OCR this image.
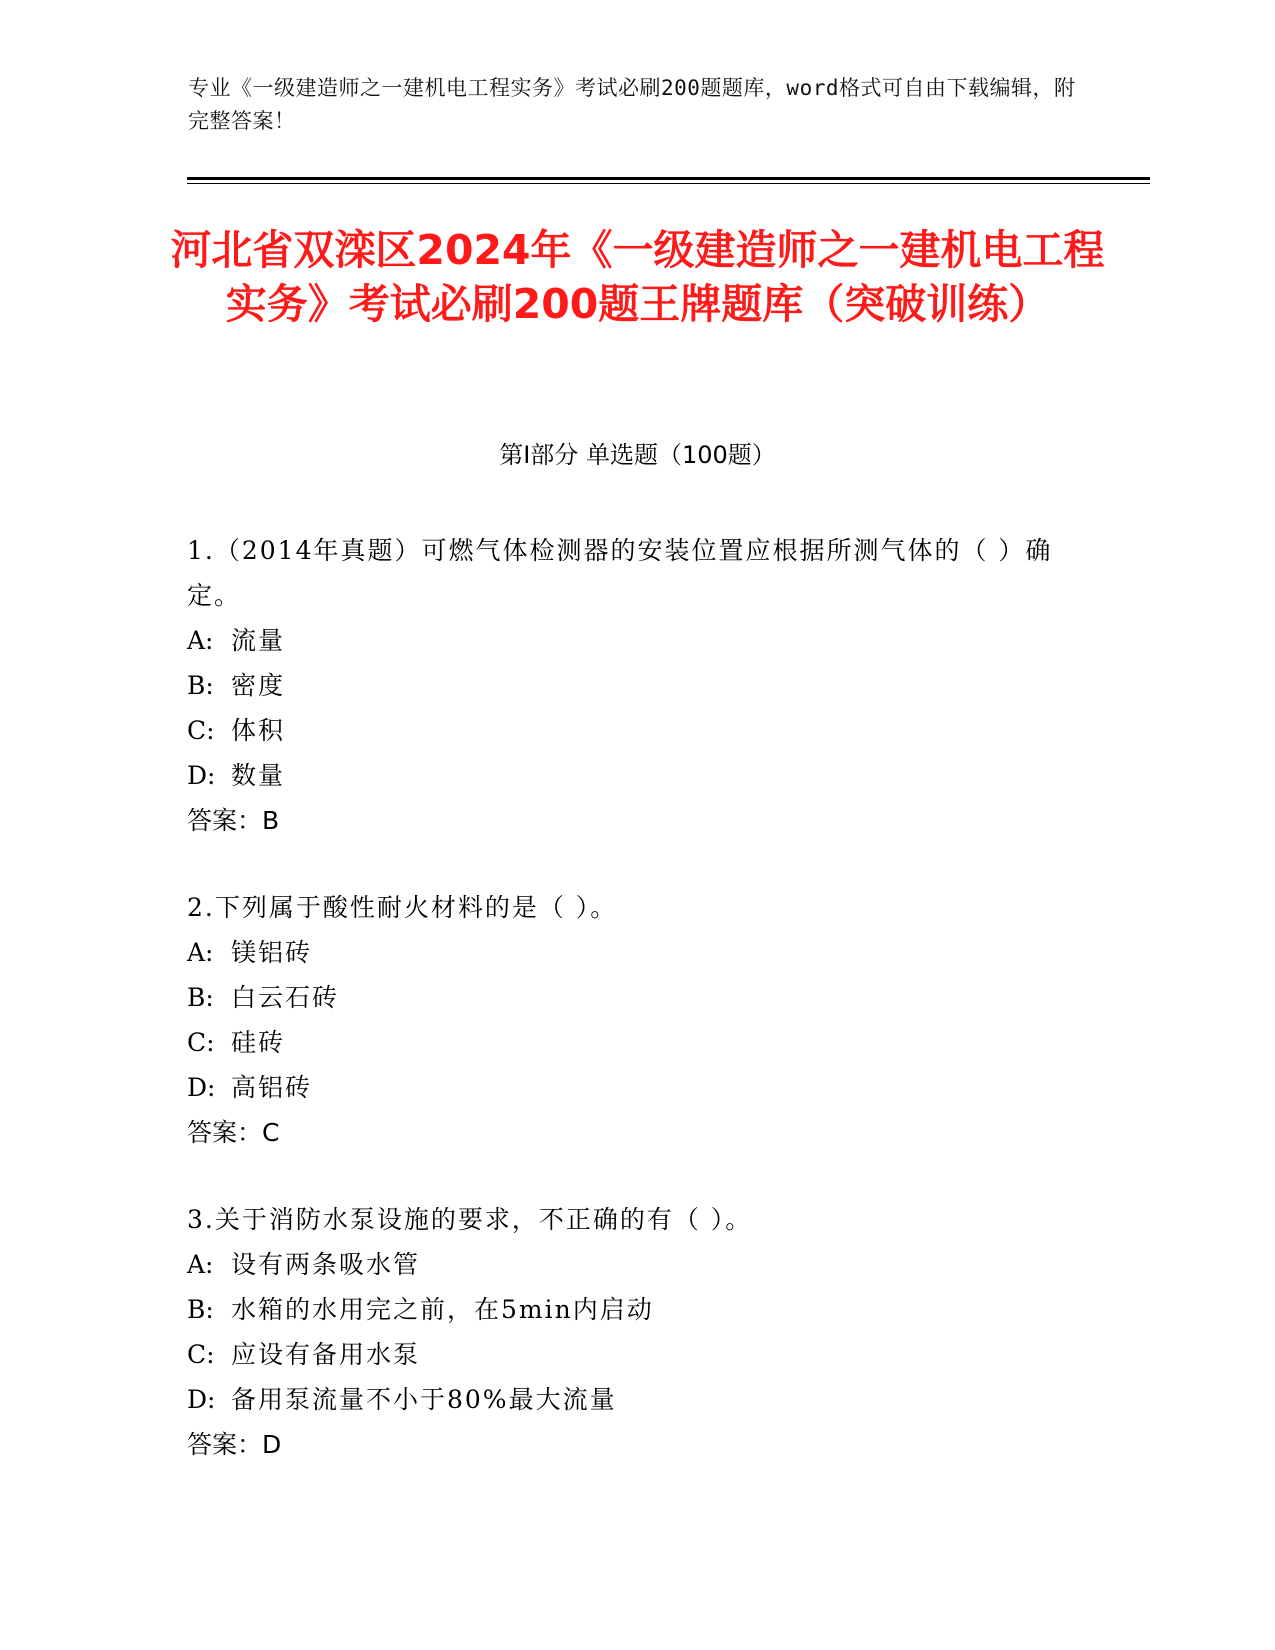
专业《一级建造师之一建机电工程实务》考试必刷200题题库，word格式可自由下载编辑，附完整答案！
河北省双滦区2024年《一级建造师之一建机电工程实务》考试必刷200题王牌题库（突破训练）
第I部分 单选题（100题）
1.（2014年真题）可燃气体检测器的安装位置应根据所测气体的（ ）确定。
A: 流量
B: 密度
C: 体积
D: 数量
答案：B
2.下列属于酸性耐火材料的是（ ）。
A: 镁铝砖
B: 白云石砖
C: 硅砖
D: 高铝砖
答案：C
3.关于消防水泵设施的要求，不正确的有（ ）。
A: 设有两条吸水管
B: 水箱的水用完之前，在5min内启动
C: 应设有备用水泵
D: 备用泵流量不小于80%最大流量
答案：D
